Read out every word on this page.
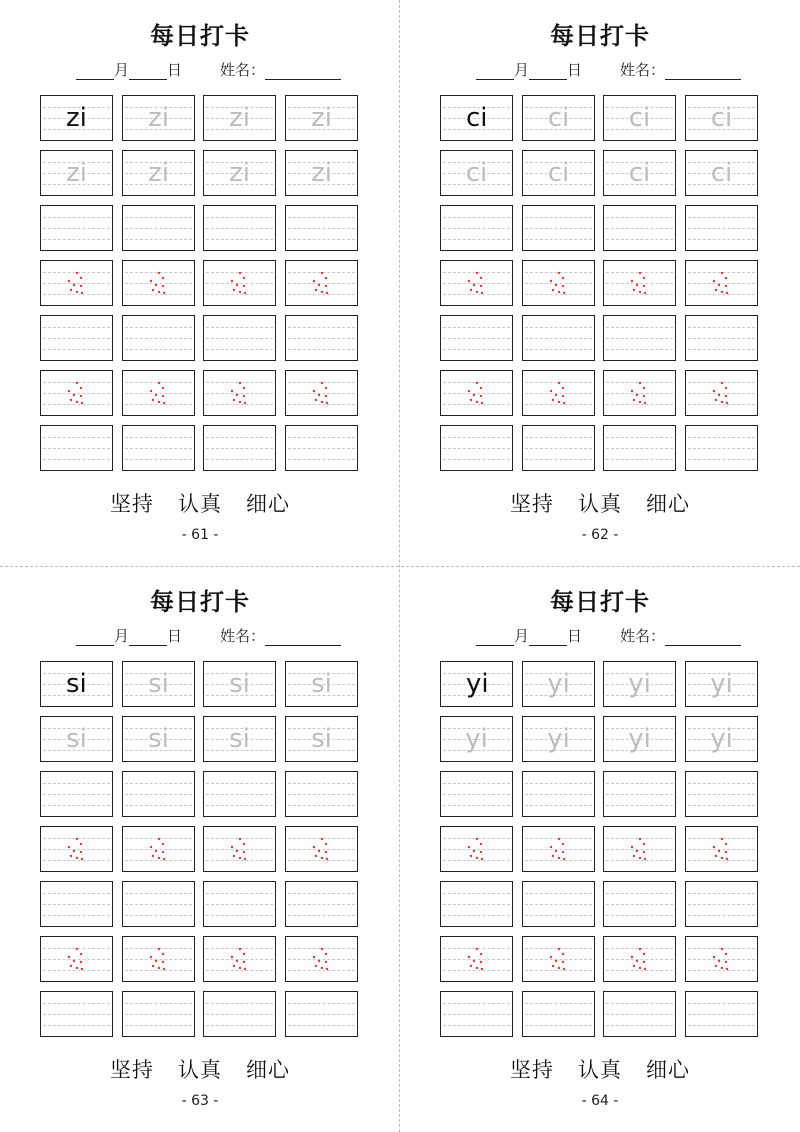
每日打卡
月	日	姓名：
zi	zi	zi	zi
zi	zi	zi	zi
坚持 认真 细心
- 61 -
每日打卡
月	日	姓名：
ci	ci	ci	ci
ci	ci	ci	ci
坚持 认真 细心
- 62 -
每日打卡
月	日	姓名：
si	si	si	si
si	si	si	si
坚持 认真 细心
- 63 -
每日打卡
月	日	姓名：
yi	yi	yi	yi
yi	yi	yi	yi
坚持 认真 细心
- 64 -
